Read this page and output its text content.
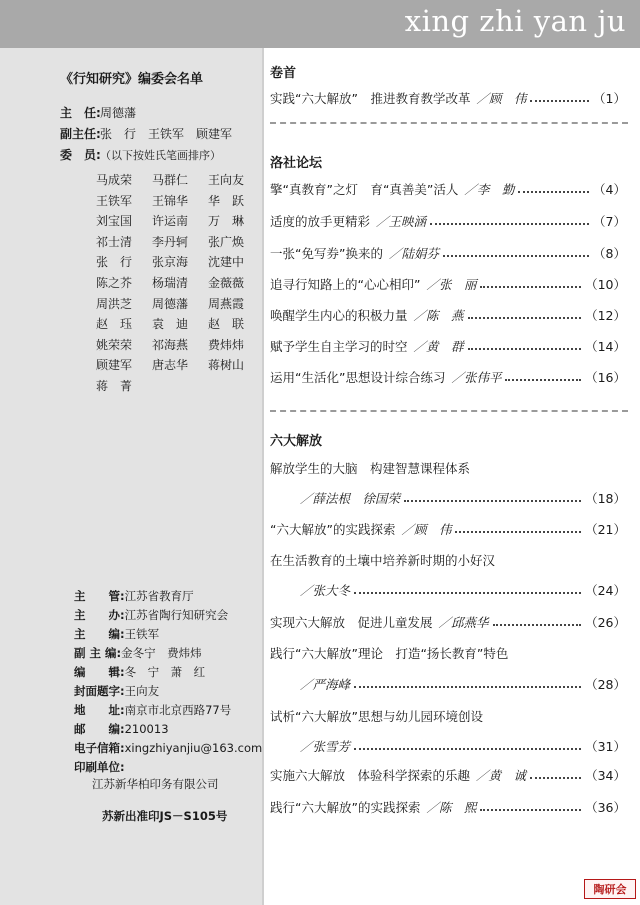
xing zhi yan ju
《行知研究》编委会名单
主　任: 周德藩
副主任: 张　行　王铁军　顾建军
委　员: （以下按姓氏笔画排序）
马成荣 马群仁 王向友
王铁军 王锦华 华　跃
刘宝国 许运南 万　琳
祁士清 李丹轲 张广焕
张　行 张京海 沈建中
陈之芥 杨瑞清 金薇薇
周洪芝 周德藩 周燕霞
赵　珏 袁　迪 赵　联
姚荣荣 祁海燕 费炜炜
顾建军 唐志华 蒋树山
蒋　菁
主　　管:江苏省教育厅
主　　办:江苏省陶行知研究会
主　　编:王铁军
副 主 编:金冬宁　费炜炜
编　　辑:冬　宁　萧　红
封面题字:王向友
地　　址:南京市北京西路77号
邮　　编:210013
电子信箱:xingzhiyanjiu@163.com
印刷单位:
江苏新华柏印务有限公司
苏新出准印JS－S105号
卷首
实践“六大解放”　推进教育教学改革 ／顾　伟	（1）
洛社论坛
擎“真教育”之灯　育“真善美”活人 ／李　勤	（4）
适度的放手更精彩 ／王映涵	（7）
一张“免写券”换来的 ／陆娟芬	（8）
追寻行知路上的“心心相印” ／张　丽	（10）
唤醒学生内心的积极力量 ／陈　燕	（12）
赋予学生自主学习的时空 ／黄　群	（14）
运用“生活化”思想设计综合练习 ／张伟平	（16）
六大解放
解放学生的大脑　构建智慧课程体系
／薛法根　徐国荣	（18）
“六大解放”的实践探索 ／顾　伟	（21）
在生活教育的土壤中培养新时期的小好汉
／张大冬	（24）
实现六大解放　促进儿童发展 ／邱燕华	（26）
践行“六大解放”理论　打造“扬长教育”特色
／严海峰	（28）
试析“六大解放”思想与幼儿园环境创设
／张雪芳	（31）
实施六大解放　体验科学探索的乐趣 ／黄　诚	（34）
践行“六大解放”的实践探索 ／陈　熙	（36）
陶研会
